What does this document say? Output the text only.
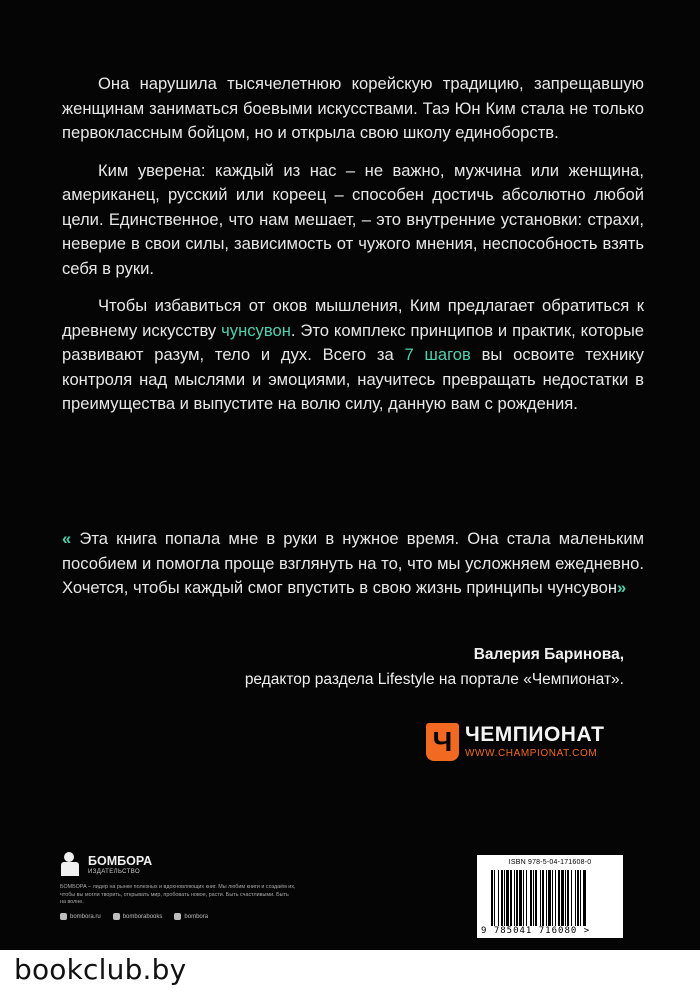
Она нарушила тысячелетнюю корейскую традицию, запрещавшую женщинам заниматься боевыми искусствами. Таэ Юн Ким стала не только первоклассным бойцом, но и открыла свою школу единоборств.

Ким уверена: каждый из нас – не важно, мужчина или женщина, американец, русский или кореец – способен достичь абсолютно любой цели. Единственное, что нам мешает, – это внутренние установки: страхи, неверие в свои силы, зависимость от чужого мнения, неспособность взять себя в руки.

Чтобы избавиться от оков мышления, Ким предлагает обратиться к древнему искусству чунсувон. Это комплекс принципов и практик, которые развивают разум, тело и дух. Всего за 7 шагов вы освоите технику контроля над мыслями и эмоциями, научитесь превращать недостатки в преимущества и выпустите на волю силу, данную вам с рождения.

« Эта книга попала мне в руки в нужное время. Она стала маленьким пособием и помогла проще взглянуть на то, что мы усложняем ежедневно. Хочется, чтобы каждый смог впустить в свою жизнь принципы чунсувон»
Валерия Баринова,
редактор раздела Lifestyle на портале «Чемпионат».
Ч ЧЕМПИОНАТ
WWW.CHAMPIONAT.COM
БОМБОРА
ИЗДАТЕЛЬСТВО
БОМБОРА – лидер на рынке полезных и вдохновляющих книг. Мы любим книги и создаём их, чтобы вы могли творить, открывать мир, пробовать новое, расти. Быть счастливыми. Быть на волне.
bombora.ru	bomborabooks	bombora
ISBN 978-5-04-171608-0
9 785041 716080 >
bookclub.by
